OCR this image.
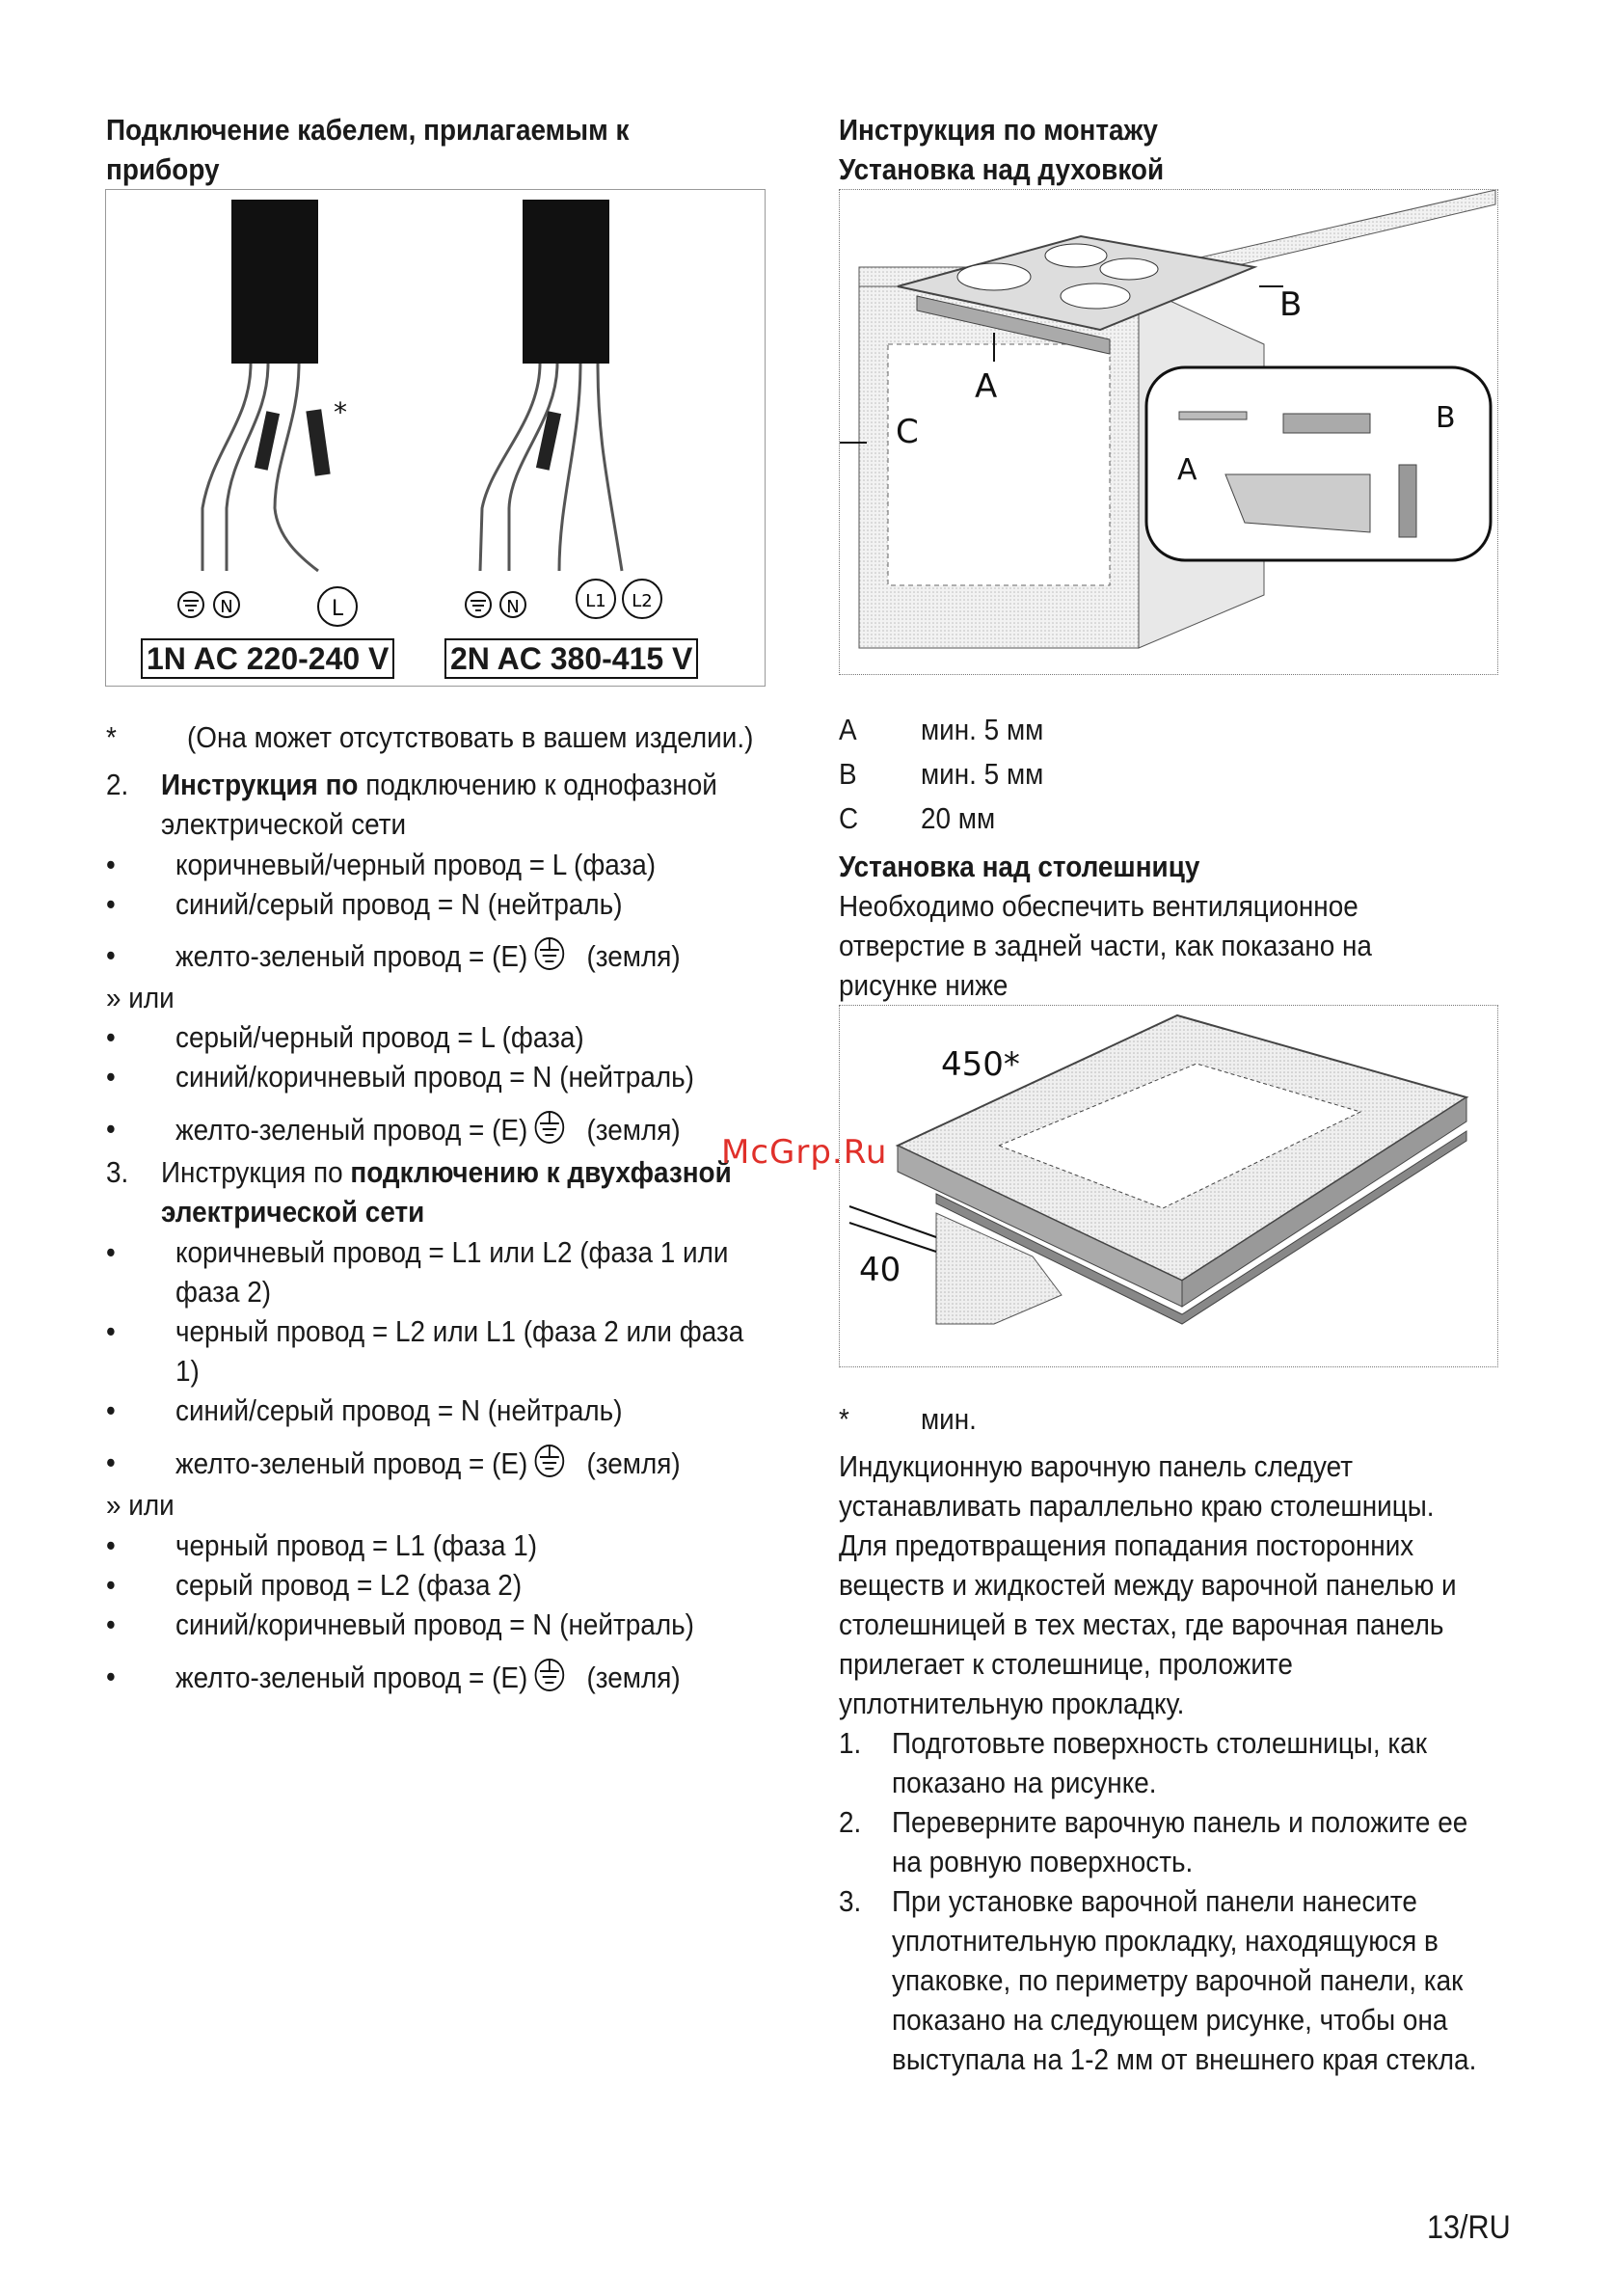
Подключение кабелем, прилагаемым к
прибору
*
N	L	N	L1 L2
1N AC 220-240 V 2N AC 380-415 V
* (Она может отсутствовать в вашем изделии.)
2. Инструкция по подключению к однофазной
электрической сети
• коричневый/черный провод = L (фаза)
• синий/серый провод = N (нейтраль)
• желто-зеленый провод = (E) (земля)
» или
• серый/черный провод = L (фаза)
• синий/коричневый провод = N (нейтраль)
• желто-зеленый провод = (E) (земля)
3. Инструкция по подключению к двухфазной
электрической сети
• коричневый провод = L1 или L2 (фаза 1 или
фаза 2)
• черный провод = L2 или L1 (фаза 2 или фаза
1)
• синий/серый провод = N (нейтраль)
• желто-зеленый провод = (E) (земля)
» или
• черный провод = L1 (фаза 1)
• серый провод = L2 (фаза 2)
• синий/коричневый провод = N (нейтраль)
• желто-зеленый провод = (E) (земля)
Инструкция по монтажу
Установка над духовкой
A
B
C
A
B
A мин. 5 мм
B мин. 5 мм
C 20 мм
Установка над столешницу
Необходимо обеспечить вентиляционное
отверстие в задней части, как показано на
рисунке ниже
450*
40
* мин.
Индукционную варочную панель следует
устанавливать параллельно краю столешницы.
Для предотвращения попадания посторонних
веществ и жидкостей между варочной панелью и
столешницей в тех местах, где варочная панель
прилегает к столешнице, проложите
уплотнительную прокладку.
1. Подготовьте поверхность столешницы, как
показано на рисунке.
2. Переверните варочную панель и положите ее
на ровную поверхность.
3. При установке варочной панели нанесите
уплотнительную прокладку, находящуюся в
упаковке, по периметру варочной панели, как
показано на следующем рисунке, чтобы она
выступала на 1-2 мм от внешнего края стекла.
McGrp.Ru
13/RU
